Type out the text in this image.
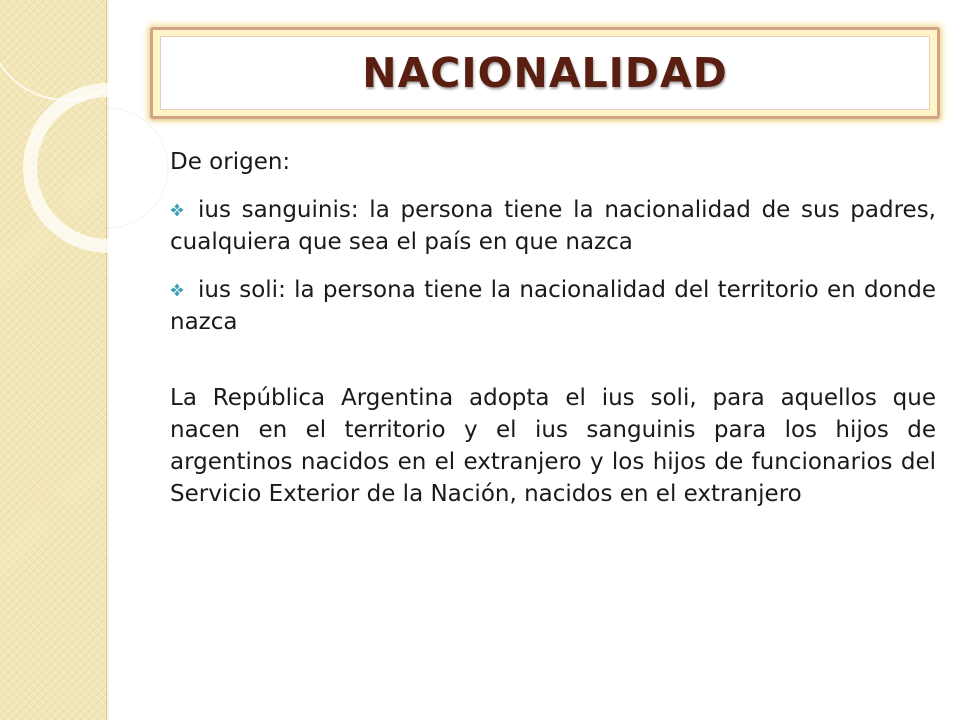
NACIONALIDAD
De origen:
ius sanguinis: la persona tiene la nacionalidad de sus padres, cualquiera que sea el país en que nazca
ius soli: la persona tiene la nacionalidad del territorio en donde nazca
La República Argentina adopta el ius soli, para aquellos que nacen en el territorio y el ius sanguinis para los hijos de argentinos nacidos en el extranjero y los hijos de funcionarios del Servicio Exterior de la Nación, nacidos en el extranjero
